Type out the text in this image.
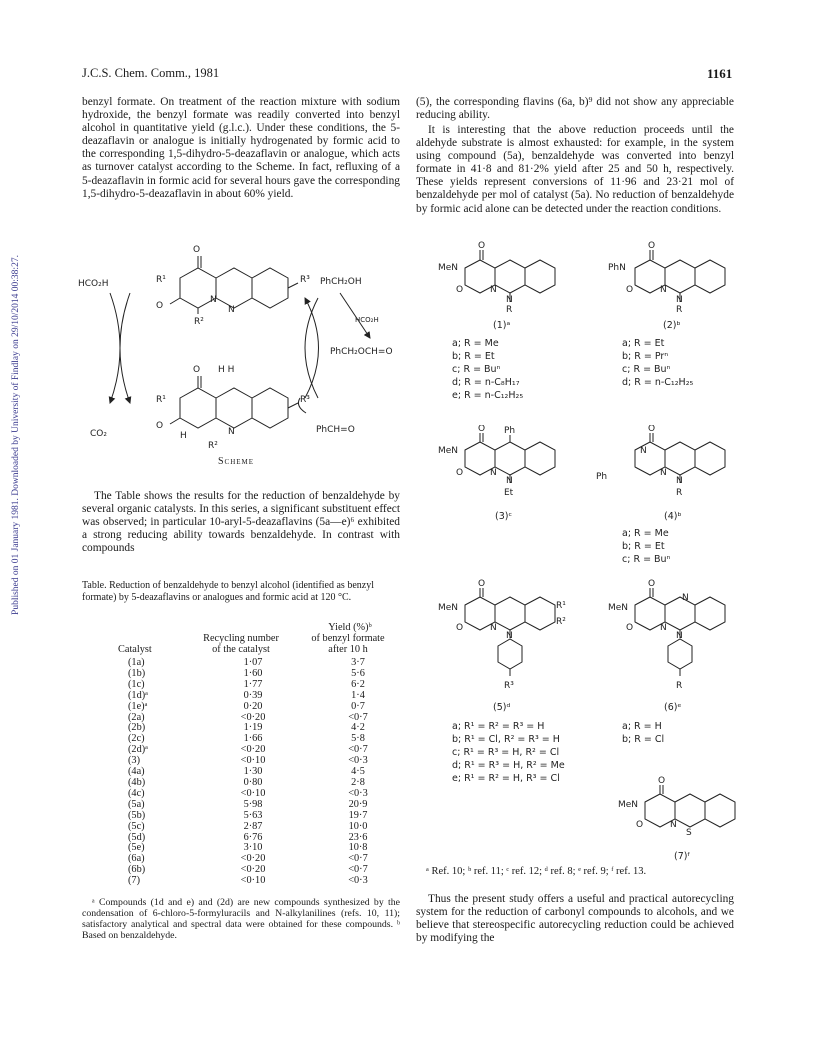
J.C.S. Chem. Comm., 1981	1161
Published on 01 January 1981. Downloaded by University of Findlay on 29/10/2014 00:38:27.

benzyl formate. On treatment of the reaction mixture with sodium hydroxide, the benzyl formate was readily converted into benzyl alcohol in quantitative yield (g.l.c.). Under these conditions, the 5-deazaflavin or analogue is initially hydrogenated by formic acid to the corresponding 1,5-dihydro-5-deazaflavin or analogue, which acts as turnover catalyst according to the Scheme. In fact, refluxing of a 5-deazaflavin in formic acid for several hours gave the corresponding 1,5-dihydro-5-deazaflavin in about 60% yield.

HCO₂H
CO₂
PhCH₂OH
HCO₂H
PhCH₂OCH=O
PhCH=O
R¹
O
O
N
N
R²
R³
O H H
R¹
O
N
H
R²
R³
Scheme

The Table shows the results for the reduction of benzaldehyde by several organic catalysts. In this series, a significant substituent effect was observed; in particular 10-aryl-5-deazaflavins (5a—e)⁶ exhibited a strong reducing ability towards benzaldehyde. In contrast with compounds

Table. Reduction of benzaldehyde to benzyl alcohol (identified as benzyl formate) by 5-deazaflavins or analogues and formic acid at 120 °C.
Yield (%)ᵇ
Recycling number	of benzyl formate
Catalyst	of the catalyst	after 10 h
(1a)	1·07	3·7
(1b)	1·60	5·6
(1c)	1·77	6·2
(1d)ᵃ	0·39	1·4
(1e)ᵃ	0·20	0·7
(2a)	<0·20	<0·7
(2b)	1·19	4·2
(2c)	1·66	5·8
(2d)ᵃ	<0·20	<0·7
(3)	<0·10	<0·3
(4a)	1·30	4·5
(4b)	0·80	2·8
(4c)	<0·10	<0·3
(5a)	5·98	20·9
(5b)	5·63	19·7
(5c)	2·87	10·0
(5d)	6·76	23·6
(5e)	3·10	10·8
(6a)	<0·20	<0·7
(6b)	<0·20	<0·7
(7)	<0·10	<0·3

ᵃ Compounds (1d and e) and (2d) are new compounds synthesized by the condensation of 6-chloro-5-formyluracils and N-alkylanilines (refs. 10, 11); satisfactory analytical and spectral data were obtained for these compounds. ᵇ Based on benzaldehyde.

(5), the corresponding flavins (6a, b)⁹ did not show any appreciable reducing ability.

It is interesting that the above reduction proceeds until the aldehyde substrate is almost exhausted: for example, in the system using compound (5a), benzaldehyde was converted into benzyl formate in 41·8 and 81·2% yield after 25 and 50 h, respectively. These yields represent conversions of 11·96 and 23·21 mol of benzaldehyde per mol of catalyst (5a). No reduction of benzaldehyde by formic acid alone can be detected under the reaction conditions.

O
MeN
O	N
N
R
O
PhN
O	N
N
R
(1)ᵃ	(2)ᵇ
a; R = Me
b; R = Et
c; R = Buⁿ
d; R = n-C₈H₁₇
e; R = n-C₁₂H₂₅
a; R = Et
b; R = Prⁿ
c; R = Buⁿ
d; R = n-C₁₂H₂₅
O Ph
MeN
O	N
N
Et
O
N
Ph	N
N
R
(3)ᶜ	(4)ᵇ
a; R = Me
b; R = Et
c; R = Buⁿ
O
MeN
O	N
N
R¹
R²
R³
O
MeN
O	N
N
N
R
(5)ᵈ	(6)ᵉ
a; R¹ = R² = R³ = H
b; R¹ = Cl, R² = R³ = H
c; R¹ = R³ = H, R² = Cl
d; R¹ = R³ = H, R² = Me
e; R¹ = R² = H, R³ = Cl
a; R = H
b; R = Cl
O
MeN
O	N
S
(7)ᶠ
ᵃ Ref. 10; ᵇ ref. 11; ᶜ ref. 12; ᵈ ref. 8; ᵉ ref. 9; ᶠ ref. 13.

Thus the present study offers a useful and practical autorecycling system for the reduction of carbonyl compounds to alcohols, and we believe that stereospecific autorecycling reduction could be achieved by modifying the
